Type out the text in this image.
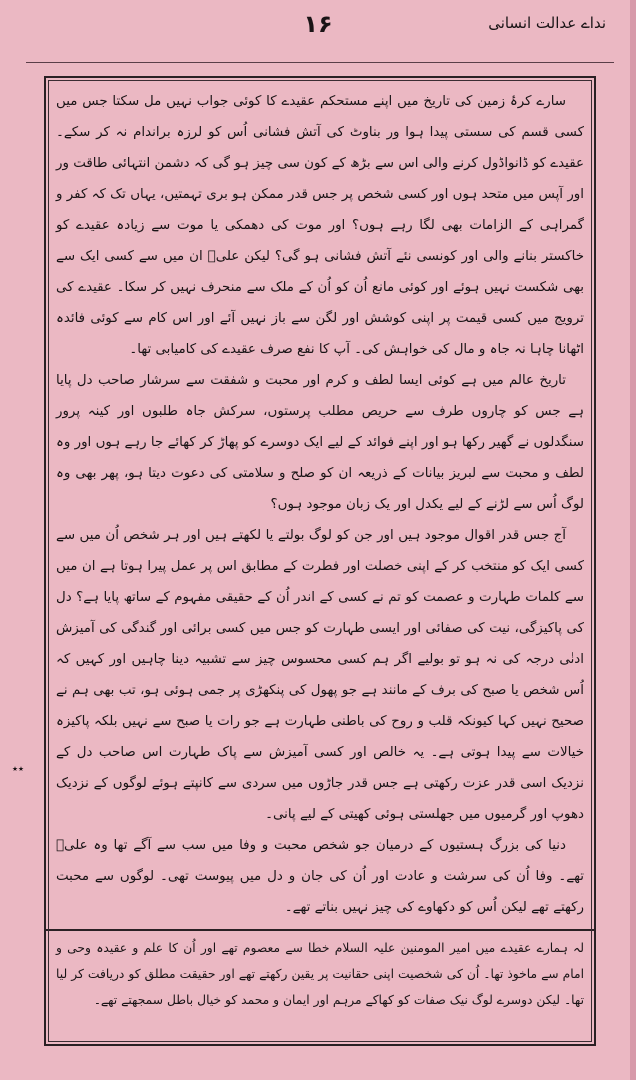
نداے عدالت انسانی
۱۶
٭٭

سارے کرۂ زمین کی تاریخ میں اپنے مستحکم عقیدے کا کوئی جواب نہیں مل سکتا جس میں کسی قسم کی سستی پیدا ہوا ور بناوٹ کی آتش فشانی اُس کو لرزہ براندام نہ کر سکے۔ عقیدے کو ڈانواڈول کرنے والی اس سے بڑھ کے کون سی چیز ہو گی کہ دشمن انتہائی طاقت ور اور آپس میں متحد ہوں اور کسی شخص پر جس قدر ممکن ہو بری تہمتیں، یہاں تک کہ کفر و گمراہی کے الزامات بھی لگا رہے ہوں؟ اور موت کی دھمکی یا موت سے زیادہ عقیدے کو خاکستر بنانے والی اور کونسی نئے آتش فشانی ہو گی؟ لیکن علیؑ ان میں سے کسی ایک سے بھی شکست نہیں ہوئے اور کوئی مانع اُن کو اُن کے ملک سے منحرف نہیں کر سکا۔ عقیدے کی ترویج میں کسی قیمت پر اپنی کوشش اور لگن سے باز نہیں آئے اور اس کام سے کوئی فائدہ اٹھانا چاہا نہ جاہ و مال کی خواہش کی۔ آپ کا نفع صرف عقیدے کی کامیابی تھا۔

تاریخ عالم میں ہے کوئی ایسا لطف و کرم اور محبت و شفقت سے سرشار صاحب دل پایا ہے جس کو چاروں طرف سے حریص مطلب پرستوں، سرکش جاہ طلبوں اور کینہ پرور سنگدلوں نے گھیر رکھا ہو اور اپنے فوائد کے لیے ایک دوسرے کو پھاڑ کر کھائے جا رہے ہوں اور وہ لطف و محبت سے لبریز بیانات کے ذریعہ ان کو صلح و سلامتی کی دعوت دیتا ہو، پھر بھی وہ لوگ اُس سے لڑنے کے لیے یکدل اور یک زبان موجود ہوں؟

آج جس قدر اقوال موجود ہیں اور جن کو لوگ بولتے یا لکھتے ہیں اور ہر شخص اُن میں سے کسی ایک کو منتخب کر کے اپنی خصلت اور فطرت کے مطابق اس پر عمل پیرا ہوتا ہے ان میں سے کلمات طہارت و عصمت کو تم نے کسی کے اندر اُن کے حقیقی مفہوم کے ساتھ پایا ہے؟ دل کی پاکیزگی، نیت کی صفائی اور ایسی طہارت کو جس میں کسی برائی اور گندگی کی آمیزش ادنٰی درجہ کی نہ ہو تو بولیے اگر ہم کسی محسوس چیز سے تشبیہ دینا چاہیں اور کہیں کہ اُس شخص یا صبح کی برف کے مانند ہے جو پھول کی پنکھڑی پر جمی ہوئی ہو، تب بھی ہم نے صحیح نہیں کہا کیونکہ قلب و روح کی باطنی طہارت ہے جو رات یا صبح سے نہیں بلکہ پاکیزہ خیالات سے پیدا ہوتی ہے۔ یہ خالص اور کسی آمیزش سے پاک طہارت اس صاحب دل کے نزدیک اسی قدر عزت رکھتی ہے جس قدر جاڑوں میں سردی سے کانپتے ہوئے لوگوں کے نزدیک دھوپ اور گرمیوں میں جھلستی ہوئی کھیتی کے لیے پانی۔

دنیا کی بزرگ ہستیوں کے درمیان جو شخص محبت و وفا میں سب سے آگے تھا وہ علیؑ تھے۔ وفا اُن کی سرشت و عادت اور اُن کی جان و دل میں پیوست تھی۔ لوگوں سے محبت رکھتے تھے لیکن اُس کو دکھاوے کی چیز نہیں بناتے تھے۔

لہ ہمارے عقیدے میں امیر المومنین علیہ السلام خطا سے معصوم تھے اور اُن کا علم و عقیدہ وحی و امام سے ماخوذ تھا۔ اُن کی شخصیت اپنی حقانیت پر یقین رکھتے تھے اور حقیقت مطلق کو دریافت کر لیا تھا۔ لیکن دوسرے لوگ نیک صفات کو کھاکے مرہم اور ایمان و محمد کو خیال باطل سمجھتے تھے۔
